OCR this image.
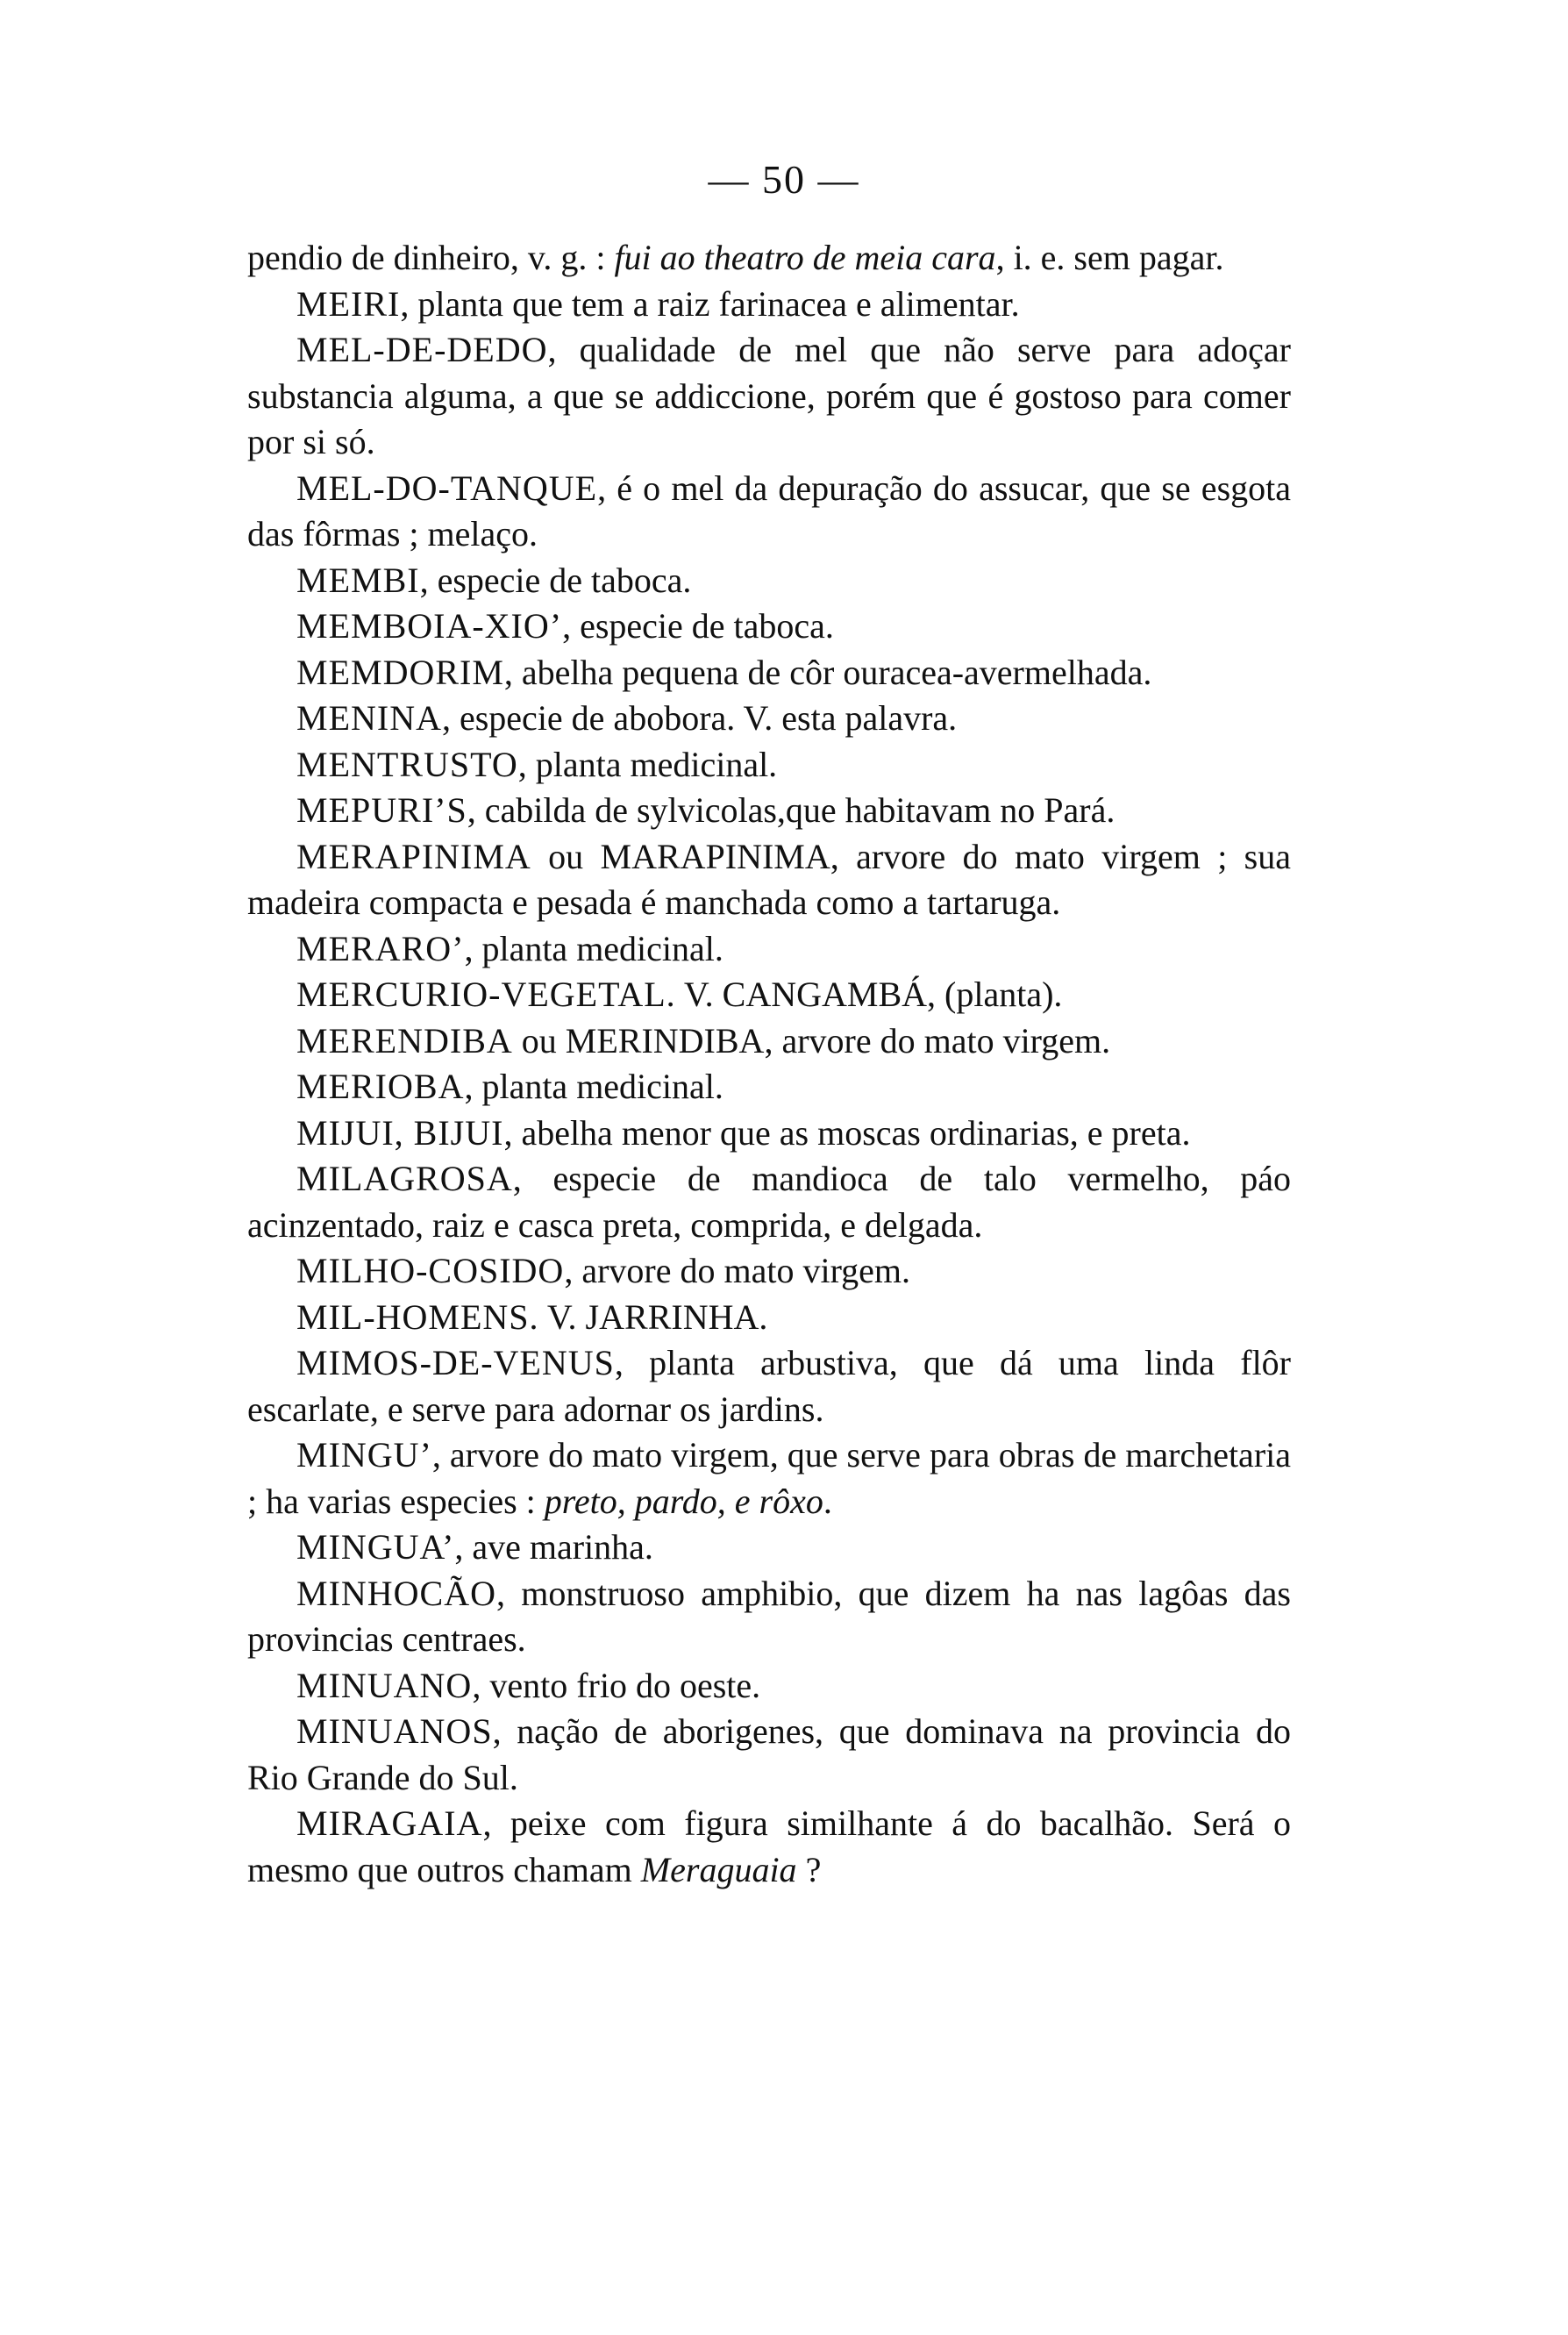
— 50 —

pendio de dinheiro, v. g. : fui ao theatro de meia cara, i. e. sem pagar.

MEIRI, planta que tem a raiz farinacea e alimentar.

MEL-DE-DEDO, qualidade de mel que não serve para adoçar substancia alguma, a que se addiccione, porém que é gostoso para comer por si só.

MEL-DO-TANQUE, é o mel da depuração do assucar, que se esgota das fôrmas ; melaço.

MEMBI, especie de taboca.

MEMBOIA-XIO’, especie de taboca.

MEMDORIM, abelha pequena de côr ouracea-avermelhada.

MENINA, especie de abobora. V. esta palavra.

MENTRUSTO, planta medicinal.

MEPURI’S, cabilda de sylvicolas,que habitavam no Pará.

MERAPINIMA ou MARAPINIMA, arvore do mato virgem ; sua madeira compacta e pesada é manchada como a tartaruga.

MERARO’, planta medicinal.

MERCURIO-VEGETAL. V. CANGAMBÁ, (planta).

MERENDIBA ou MERINDIBA, arvore do mato virgem.

MERIOBA, planta medicinal.

MIJUI, BIJUI, abelha menor que as moscas ordinarias, e preta.

MILAGROSA, especie de mandioca de talo vermelho, páo acinzentado, raiz e casca preta, comprida, e delgada.

MILHO-COSIDO, arvore do mato virgem.

MIL-HOMENS. V. JARRINHA.

MIMOS-DE-VENUS, planta arbustiva, que dá uma linda flôr escarlate, e serve para adornar os jardins.

MINGU’, arvore do mato virgem, que serve para obras de marchetaria ; ha varias especies : preto, pardo, e rôxo.

MINGUA’, ave marinha.

MINHOCÃO, monstruoso amphibio, que dizem ha nas lagôas das provincias centraes.

MINUANO, vento frio do oeste.

MINUANOS, nação de aborigenes, que dominava na provincia do Rio Grande do Sul.

MIRAGAIA, peixe com figura similhante á do bacalhão. Será o mesmo que outros chamam Meraguaia ?
